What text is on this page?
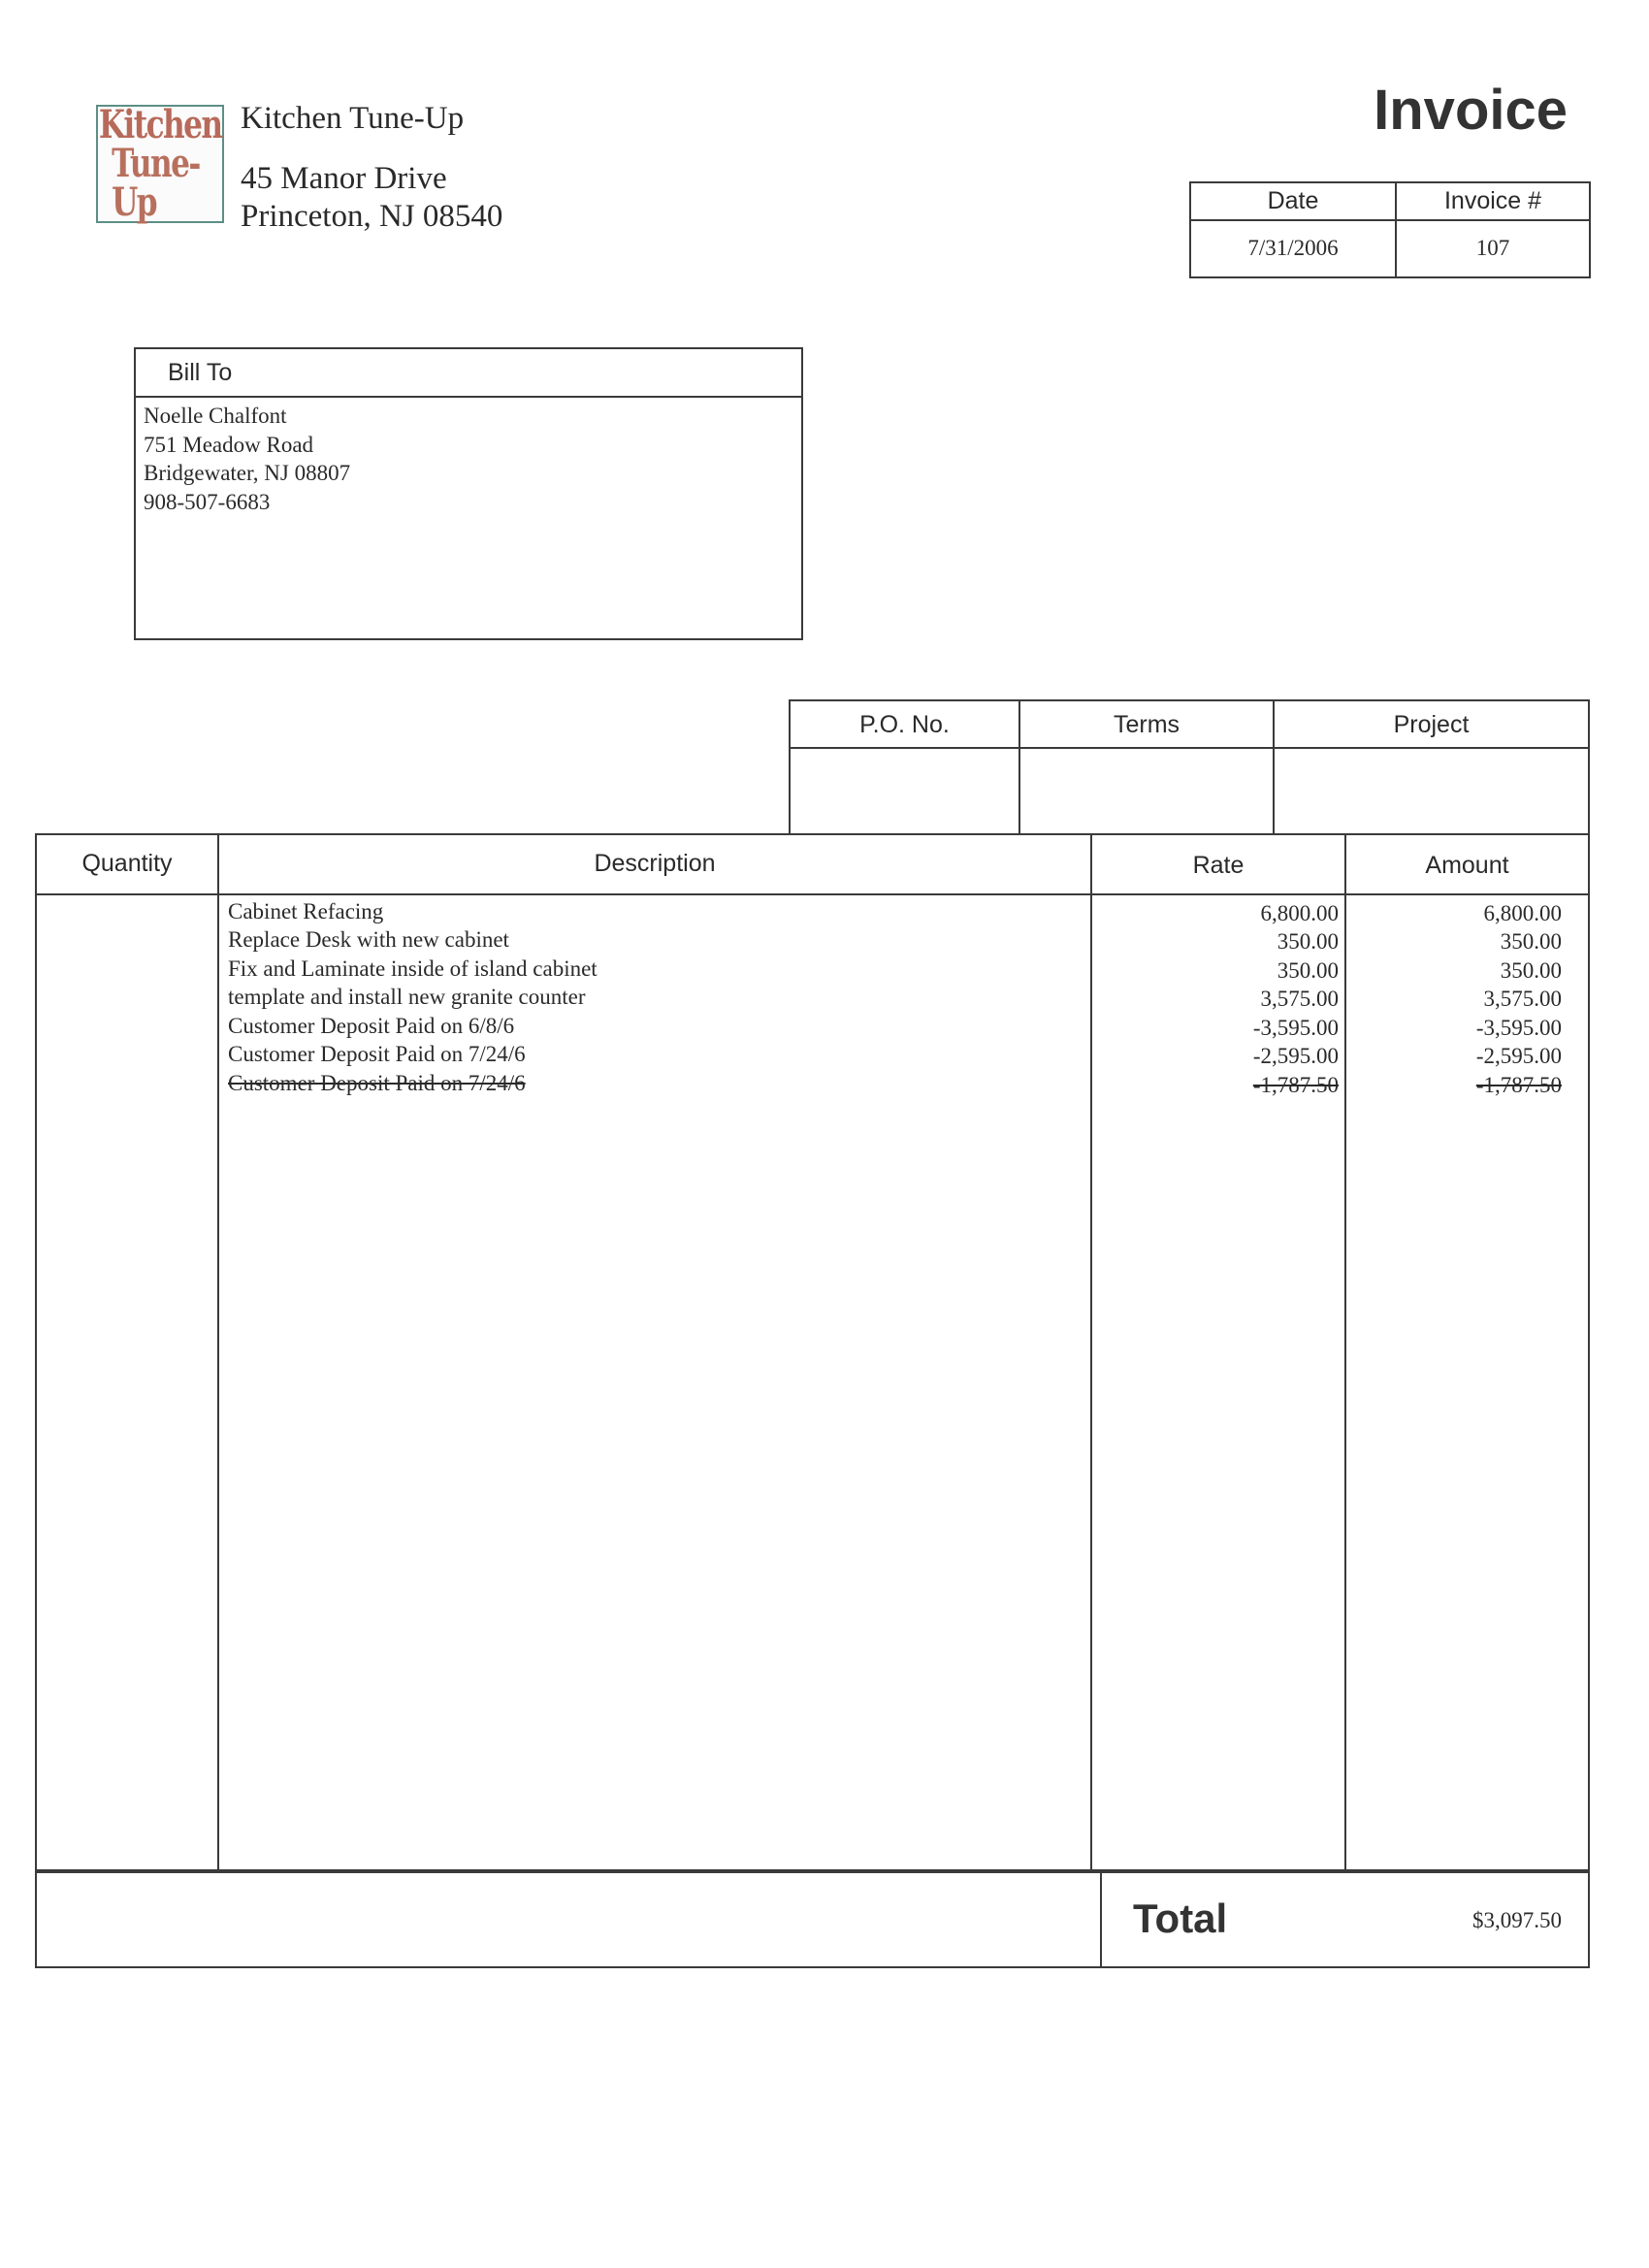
Kitchen
Tune-Up
Kitchen Tune-Up
45 Manor Drive
Princeton, NJ 08540
Invoice
Date	Invoice #
7/31/2006	107
Bill To
Noelle Chalfont
751 Meadow Road
Bridgewater, NJ 08807
908-507-6683
P.O. No.	Terms	Project
Quantity	Description	Rate	Amount
Cabinet Refacing	6,800.00	6,800.00
Replace Desk with new cabinet	350.00	350.00
Fix and Laminate inside of island cabinet	350.00	350.00
template and install new granite counter	3,575.00	3,575.00
Customer Deposit Paid on 6/8/6	-3,595.00	-3,595.00
Customer Deposit Paid on 7/24/6	-2,595.00	-2,595.00
Customer Deposit Paid on 7/24/6	-1,787.50	-1,787.50
Total	$3,097.50
